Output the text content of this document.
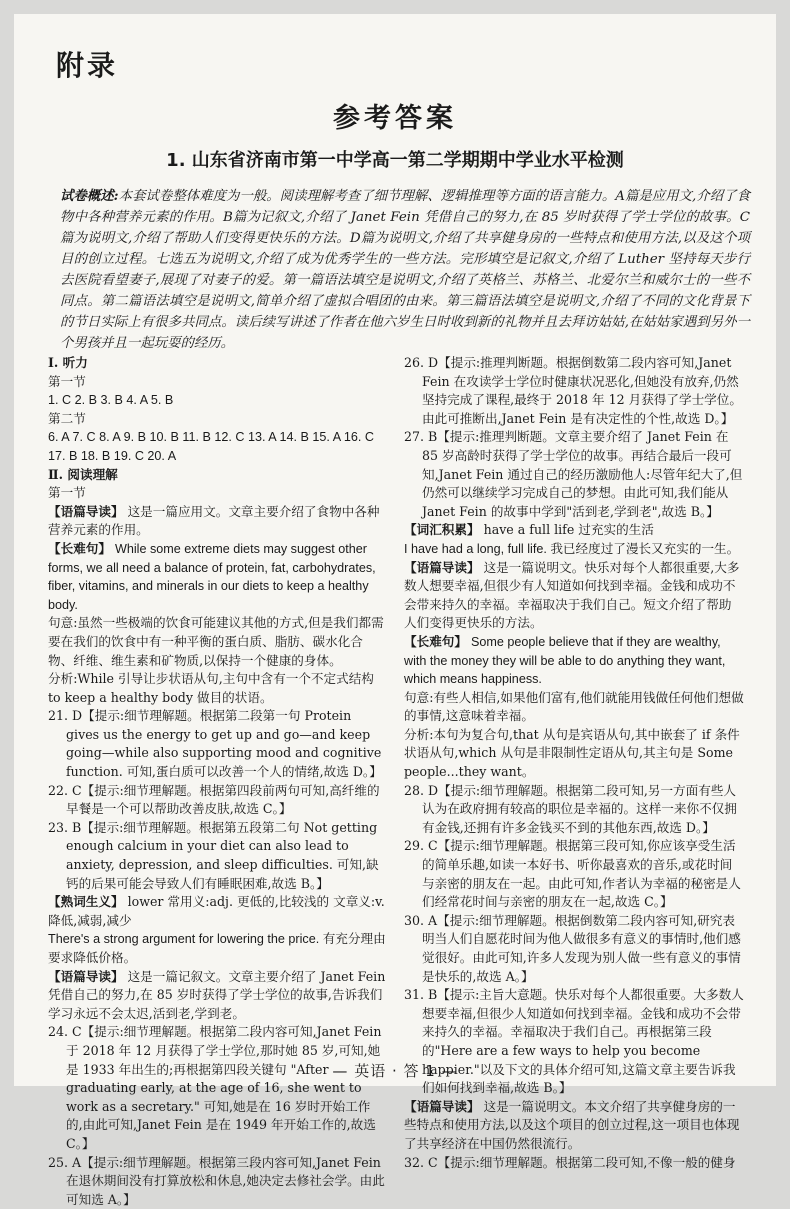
附录
参考答案
1. 山东省济南市第一中学高一第二学期期中学业水平检测
试卷概述:本套试卷整体难度为一般。阅读理解考查了细节理解、逻辑推理等方面的语言能力。A篇是应用文,介绍了食物中各种营养元素的作用。B篇为记叙文,介绍了 Janet Fein 凭借自己的努力,在 85 岁时获得了学士学位的故事。C篇为说明文,介绍了帮助人们变得更快乐的方法。D篇为说明文,介绍了共享健身房的一些特点和使用方法,以及这个项目的创立过程。七选五为说明文,介绍了成为优秀学生的一些方法。完形填空是记叙文,介绍了 Luther 坚持每天步行去医院看望妻子,展现了对妻子的爱。第一篇语法填空是说明文,介绍了英格兰、苏格兰、北爱尔兰和威尔士的一些不同点。第二篇语法填空是说明文,简单介绍了虚拟合唱团的由来。第三篇语法填空是说明文,介绍了不同的文化背景下的节日实际上有很多共同点。读后续写讲述了作者在他六岁生日时收到新的礼物并且去拜访姑姑,在姑姑家遇到另外一个男孩并且一起玩耍的经历。

Ⅰ. 听力

第一节

1. C 2. B 3. B 4. A 5. B

第二节

6. A 7. C 8. A 9. B 10. B 11. B 12. C 13. A 14. B 15. A 16. C 17. B 18. B 19. C 20. A

Ⅱ. 阅读理解

第一节

【语篇导读】 这是一篇应用文。文章主要介绍了食物中各种营养元素的作用。

【长难句】 While some extreme diets may suggest other forms, we all need a balance of protein, fat, carbohydrates, fiber, vitamins, and minerals in our diets to keep a healthy body.

句意:虽然一些极端的饮食可能建议其他的方式,但是我们都需要在我们的饮食中有一种平衡的蛋白质、脂肪、碳水化合物、纤维、维生素和矿物质,以保持一个健康的身体。

分析:While 引导让步状语从句,主句中含有一个不定式结构 to keep a healthy body 做目的状语。

21. D【提示:细节理解题。根据第二段第一句 Protein gives us the energy to get up and go—and keep going—while also supporting mood and cognitive function. 可知,蛋白质可以改善一个人的情绪,故选 D。】

22. C【提示:细节理解题。根据第四段前两句可知,高纤维的早餐是一个可以帮助改善皮肤,故选 C。】

23. B【提示:细节理解题。根据第五段第二句 Not getting enough calcium in your diet can also lead to anxiety, depression, and sleep difficulties. 可知,缺钙的后果可能会导致人们有睡眠困难,故选 B。】

【熟词生义】 lower 常用义:adj. 更低的,比较浅的 文章义:v. 降低,减弱,减少

There's a strong argument for lowering the price. 有充分理由要求降低价格。

【语篇导读】 这是一篇记叙文。文章主要介绍了 Janet Fein 凭借自己的努力,在 85 岁时获得了学士学位的故事,告诉我们学习永远不会太迟,活到老,学到老。

24. C【提示:细节理解题。根据第二段内容可知,Janet Fein 于 2018 年 12 月获得了学士学位,那时她 85 岁,可知,她是 1933 年出生的;再根据第四段关键句 "After graduating early, at the age of 16, she went to work as a secretary." 可知,她是在 16 岁时开始工作的,由此可知,Janet Fein 是在 1949 年开始工作的,故选 C。】

25. A【提示:细节理解题。根据第三段内容可知,Janet Fein 在退休期间没有打算放松和休息,她决定去修社会学。由此可知选 A。】

26. D【提示:推理判断题。根据倒数第二段内容可知,Janet Fein 在攻读学士学位时健康状况恶化,但她没有放弃,仍然坚持完成了课程,最终于 2018 年 12 月获得了学士学位。由此可推断出,Janet Fein 是有决定性的个性,故选 D。】

27. B【提示:推理判断题。文章主要介绍了 Janet Fein 在 85 岁高龄时获得了学士学位的故事。再结合最后一段可知,Janet Fein 通过自己的经历激励他人:尽管年纪大了,但仍然可以继续学习完成自己的梦想。由此可知,我们能从 Janet Fein 的故事中学到"活到老,学到老",故选 B。】

【词汇积累】 have a full life 过充实的生活

I have had a long, full life. 我已经度过了漫长又充实的一生。

【语篇导读】 这是一篇说明文。快乐对每个人都很重要,大多数人想要幸福,但很少有人知道如何找到幸福。金钱和成功不会带来持久的幸福。幸福取决于我们自己。短文介绍了帮助人们变得更快乐的方法。

【长难句】 Some people believe that if they are wealthy, with the money they will be able to do anything they want, which means happiness.

句意:有些人相信,如果他们富有,他们就能用钱做任何他们想做的事情,这意味着幸福。

分析:本句为复合句,that 从句是宾语从句,其中嵌套了 if 条件状语从句,which 从句是非限制性定语从句,其主句是 Some people...they want。

28. D【提示:细节理解题。根据第二段可知,另一方面有些人认为在政府拥有较高的职位是幸福的。这样一来你不仅拥有金钱,还拥有许多金钱买不到的其他东西,故选 D。】

29. C【提示:细节理解题。根据第三段可知,你应该享受生活的简单乐趣,如读一本好书、听你最喜欢的音乐,或花时间与亲密的朋友在一起。由此可知,作者认为幸福的秘密是人们经常花时间与亲密的朋友在一起,故选 C。】

30. A【提示:细节理解题。根据倒数第二段内容可知,研究表明当人们自愿花时间为他人做很多有意义的事情时,他们感觉很好。由此可知,许多人发现为别人做一些有意义的事情是快乐的,故选 A。】

31. B【提示:主旨大意题。快乐对每个人都很重要。大多数人想要幸福,但很少人知道如何找到幸福。金钱和成功不会带来持久的幸福。幸福取决于我们自己。再根据第三段的"Here are a few ways to help you become happier."以及下文的具体介绍可知,这篇文章主要告诉我们如何找到幸福,故选 B。】

【语篇导读】 这是一篇说明文。本文介绍了共享健身房的一些特点和使用方法,以及这个项目的创立过程,这一项目也体现了共享经济在中国仍然很流行。

32. C【提示:细节理解题。根据第二段可知,不像一般的健身

— 英语 · 答 1 —
